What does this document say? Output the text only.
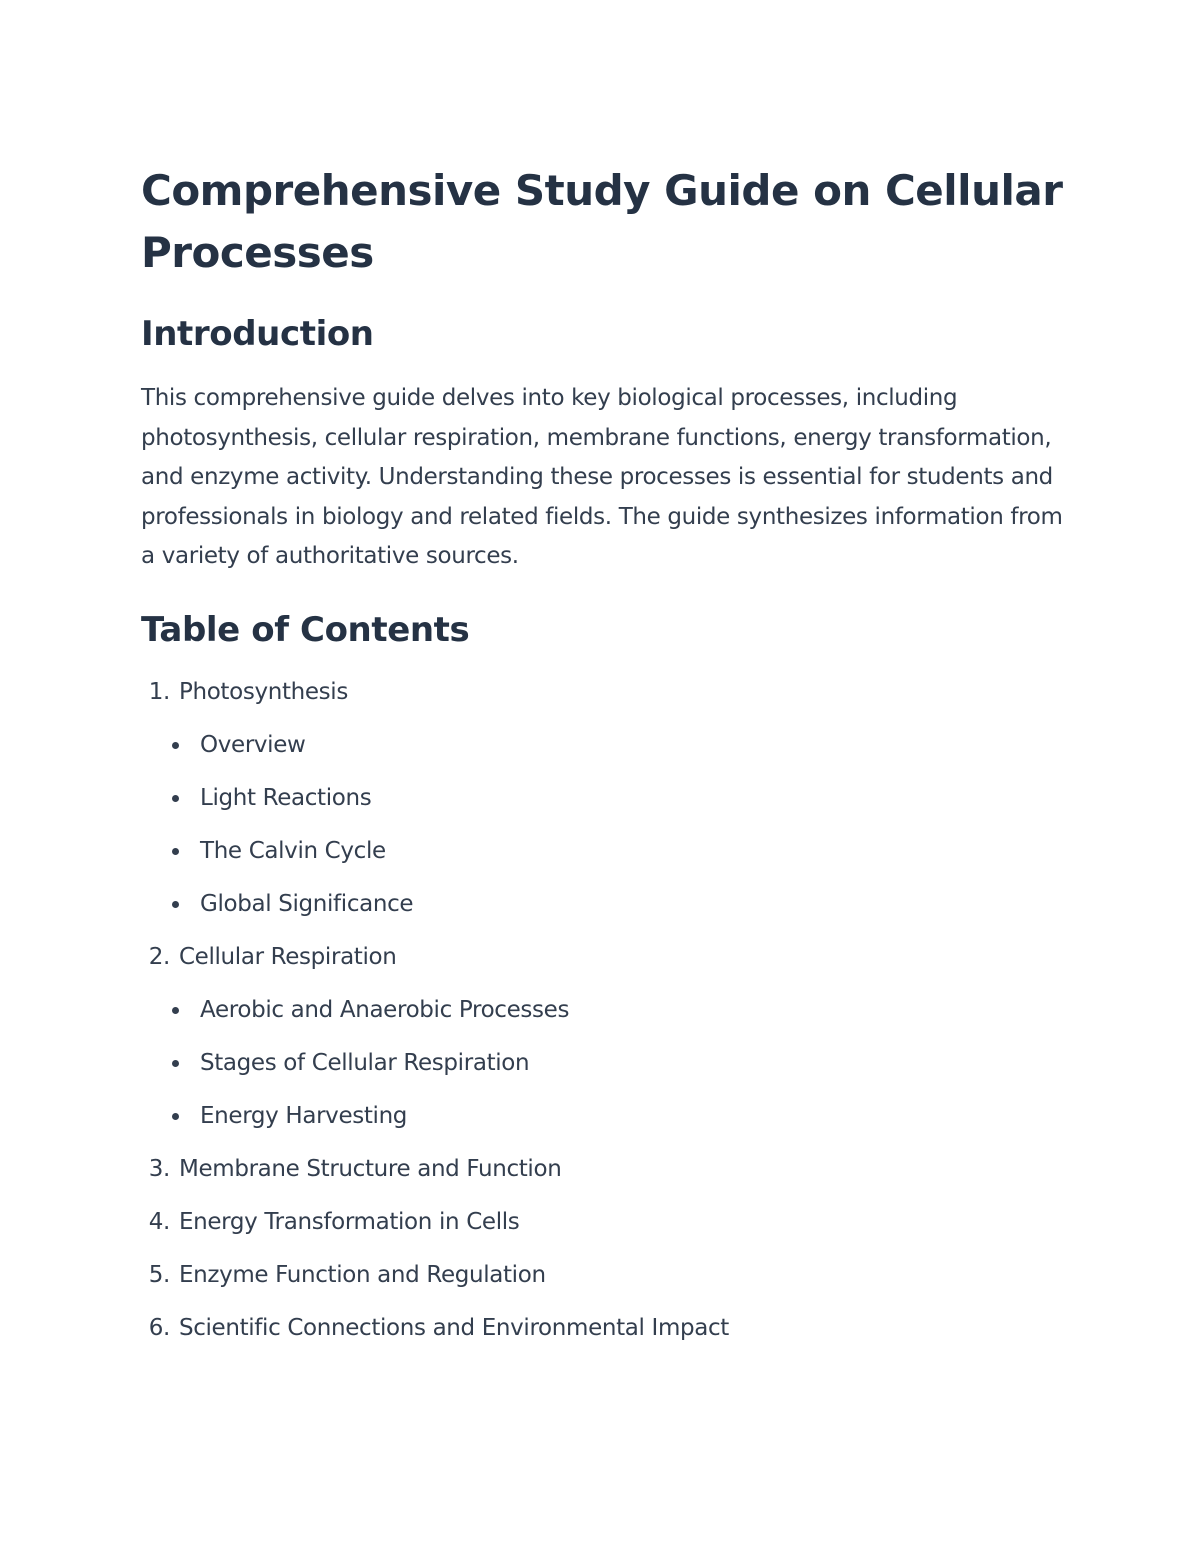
Comprehensive Study Guide on Cellular Processes
Introduction

This comprehensive guide delves into key biological processes, including photosynthesis, cellular respiration, membrane functions, energy transformation, and enzyme activity. Understanding these processes is essential for students and professionals in biology and related fields. The guide synthesizes information from a variety of authoritative sources.

Table of Contents
1. Photosynthesis
Overview
Light Reactions
The Calvin Cycle
Global Significance
2. Cellular Respiration
Aerobic and Anaerobic Processes
Stages of Cellular Respiration
Energy Harvesting
3. Membrane Structure and Function
4. Energy Transformation in Cells
5. Enzyme Function and Regulation
6. Scientific Connections and Environmental Impact
